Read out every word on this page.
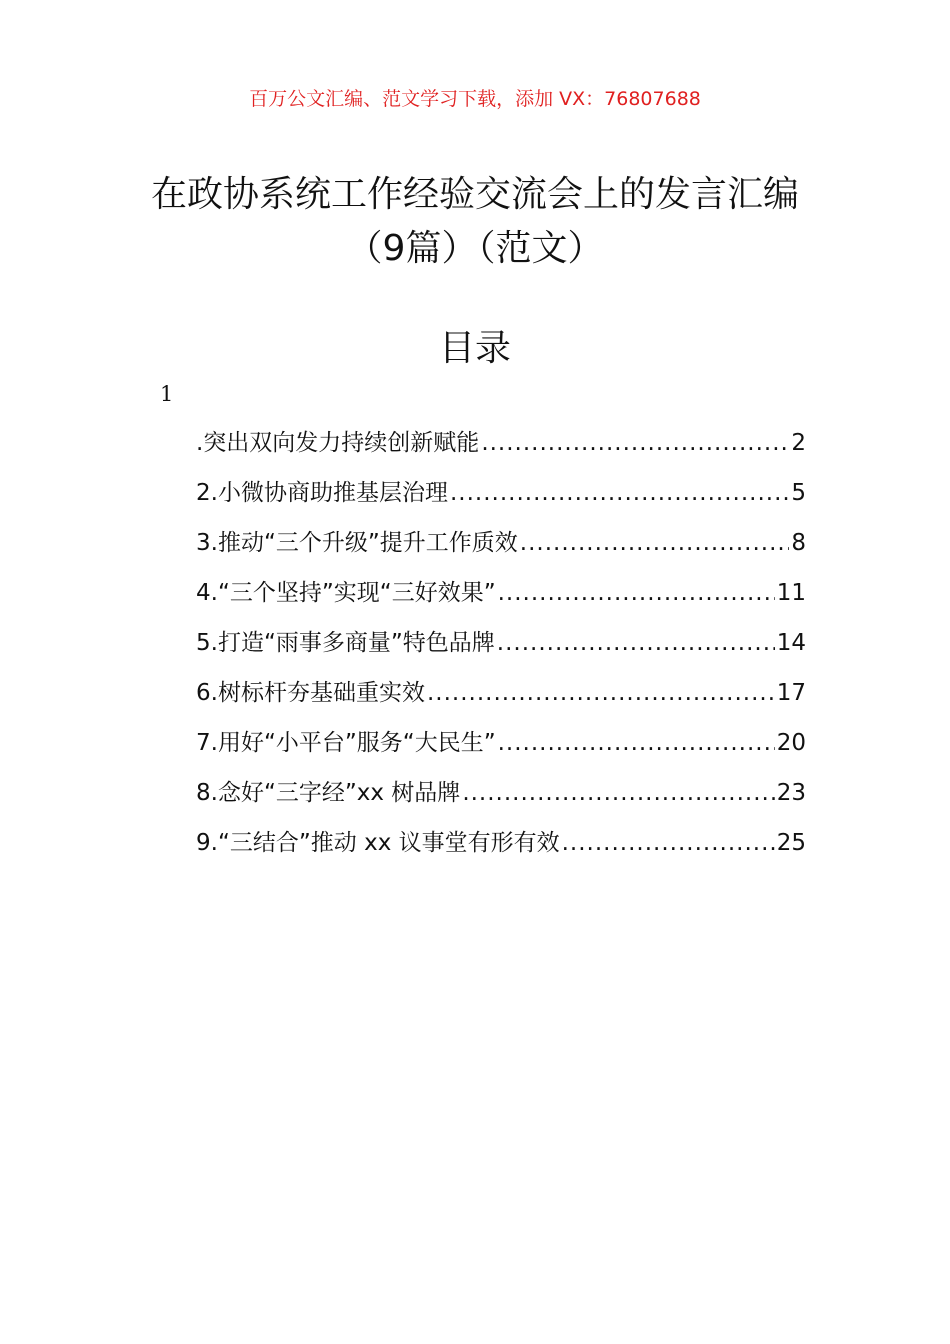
百万公文汇编、范文学习下载，添加 VX：76807688
在政协系统工作经验交流会上的发言汇编
（9篇）（范文）
目录
1
.突出双向发力持续创新赋能 .....	2
2.小微协商助推基层治理 .....	5
3.推动“三个升级”提升工作质效 .....	8
4.“三个坚持”实现“三好效果” .....	11
5.打造“雨事多商量”特色品牌 .....	14
6.树标杆夯基础重实效 .....	17
7.用好“小平台”服务“大民生” .....	20
8.念好“三字经”xx 树品牌 .....	23
9.“三结合”推动 xx 议事堂有形有效 .....	25
